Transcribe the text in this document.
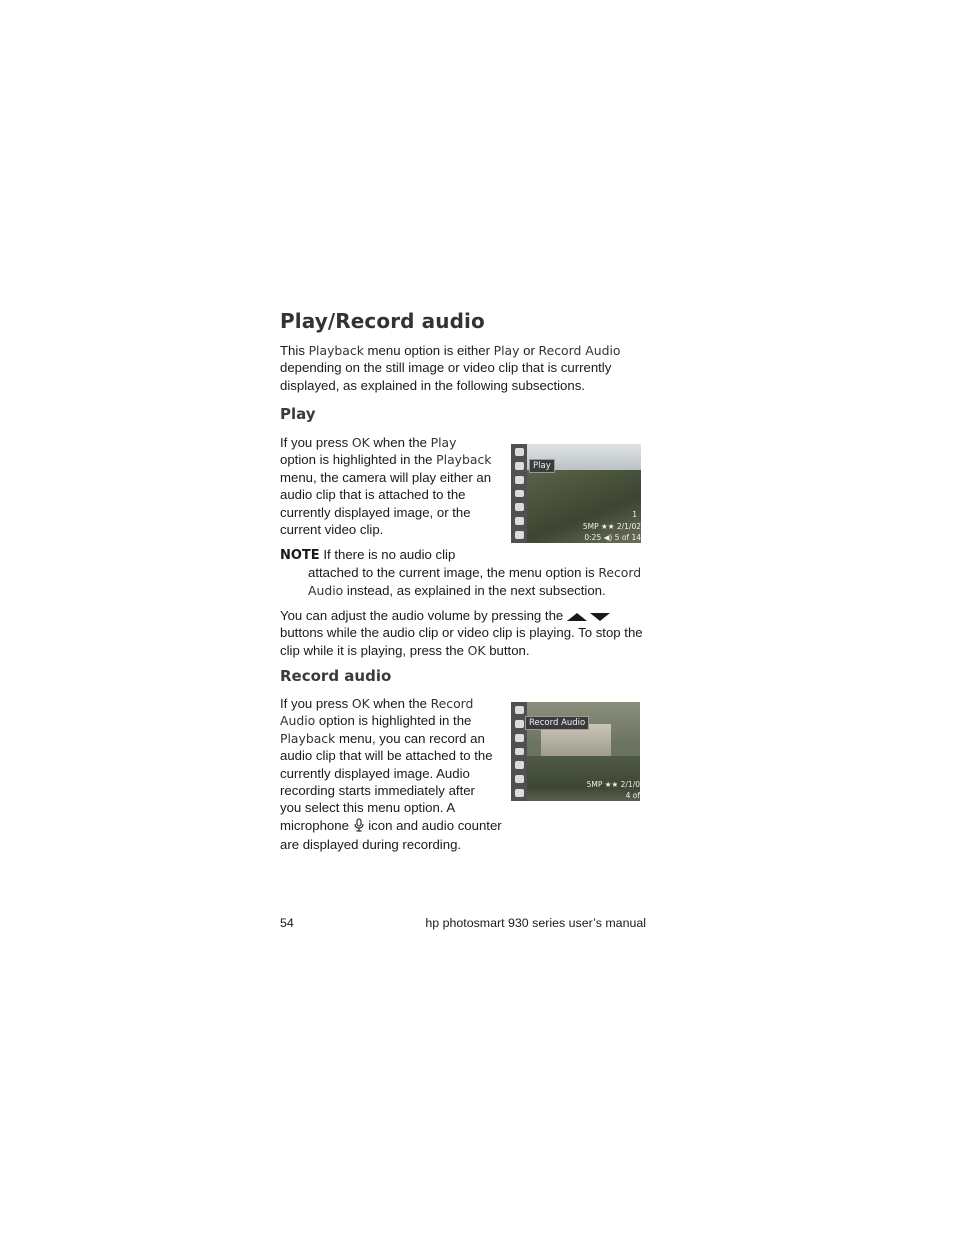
Play/Record audio

This Playback menu option is either Play or Record Audio

depending on the still image or video clip that is currently

displayed, as explained in the following subsections.

Play

If you press OK when the Play

option is highlighted in the Playback

menu, the camera will play either an

audio clip that is attached to the

currently displayed image, or the

current video clip.

Play
1
5MP ★★ 2/1/02
0:25 ◀) 5 of 14

NOTE If there is no audio clip

attached to the current image, the menu option is Record

Audio instead, as explained in the next subsection.

You can adjust the audio volume by pressing the

buttons while the audio clip or video clip is playing. To stop the

clip while it is playing, press the OK button.

Record audio

If you press OK when the Record

Audio option is highlighted in the

Playback menu, you can record an

audio clip that will be attached to the

currently displayed image. Audio

recording starts immediately after

you select this menu option. A

microphone  icon and audio counter

are displayed during recording.

Record Audio
5MP ★★ 2/1/0
4 of
54	hp photosmart 930 series user’s manual
